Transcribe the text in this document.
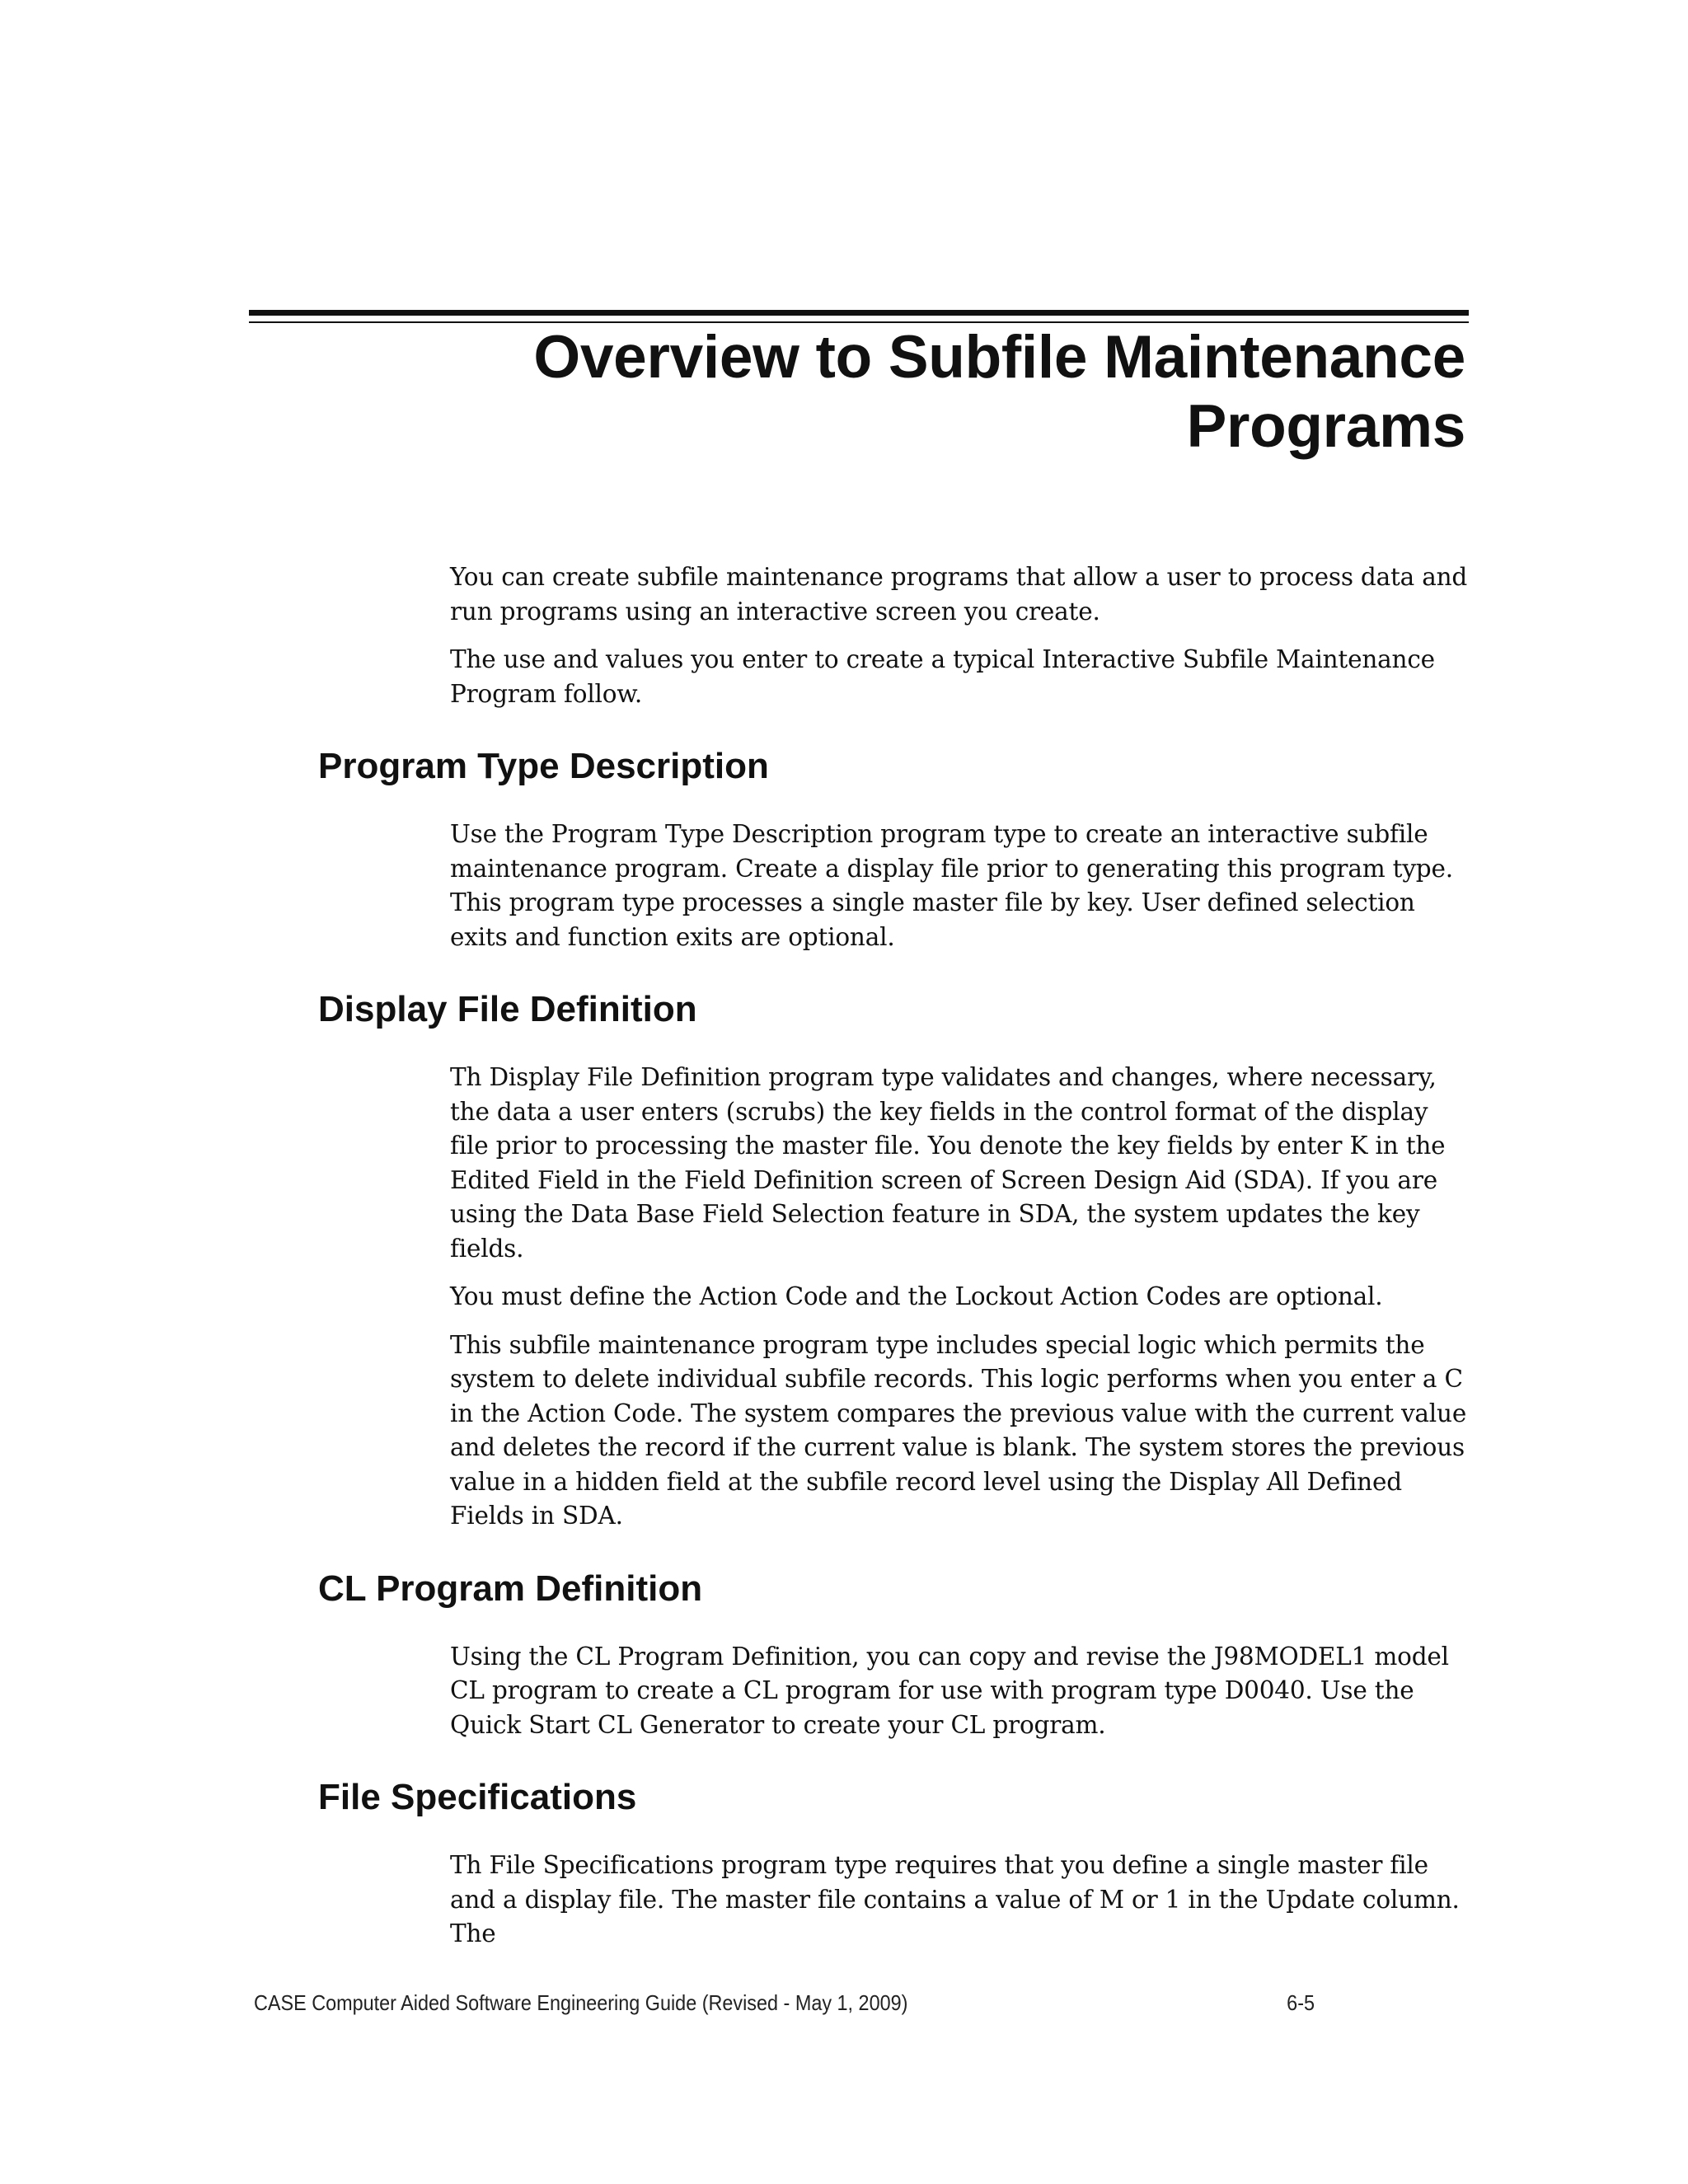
Overview to Subfile Maintenance
Programs

You can create subfile maintenance programs that allow a user to process data and run programs using an interactive screen you create.

The use and values you enter to create a typical Interactive Subfile Maintenance Program follow.

Program Type Description

Use the Program Type Description program type to create an interactive subfile maintenance program. Create a display file prior to generating this program type. This program type processes a single master file by key. User defined selection exits and function exits are optional.

Display File Definition

Th Display File Definition program type validates and changes, where necessary, the data a user enters (scrubs) the key fields in the control format of the display file prior to processing the master file. You denote the key fields by enter K in the Edited Field in the Field Definition screen of Screen Design Aid (SDA). If you are using the Data Base Field Selection feature in SDA, the system updates the key fields.

You must define the Action Code and the Lockout Action Codes are optional.

This subfile maintenance program type includes special logic which permits the system to delete individual subfile records. This logic performs when you enter a C in the Action Code. The system compares the previous value with the current value and deletes the record if the current value is blank. The system stores the previous value in a hidden field at the subfile record level using the Display All Defined Fields in SDA.

CL Program Definition

Using the CL Program Definition, you can copy and revise the J98MODEL1 model CL program to create a CL program for use with program type D0040. Use the Quick Start CL Generator to create your CL program.

File Specifications

Th File Specifications program type requires that you define a single master file and a display file. The master file contains a value of M or 1 in the Update column. The

CASE Computer Aided Software Engineering Guide (Revised - May 1, 2009)	6-5
